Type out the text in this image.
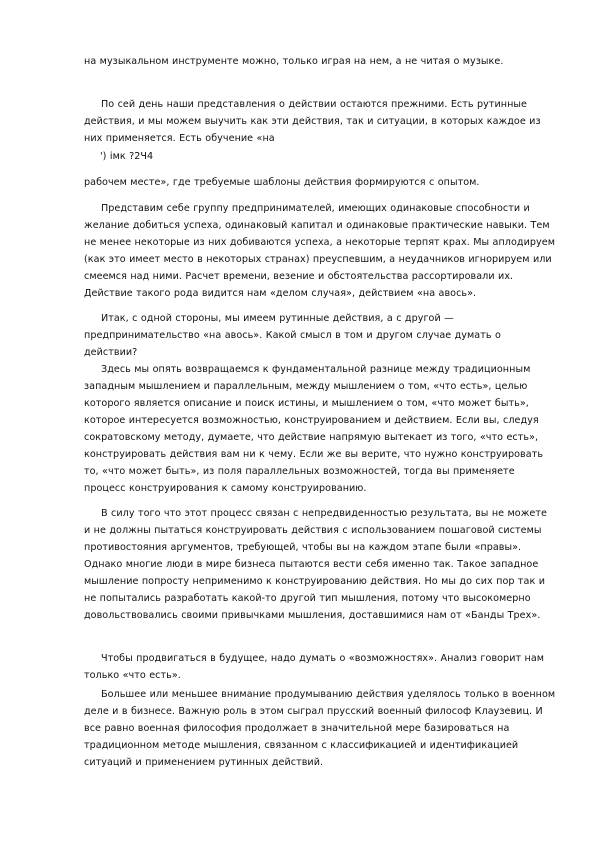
на музыкальном инструменте можно, только играя на нем, а не читая о музыке.

По сей день наши представления о действии остаются прежними. Есть рутинные действия, и мы можем выучить как эти действия, так и ситуации, в которых каждое из них применяется. Есть обучение «на

') імк ?2Ч4

рабочем месте», где требуемые шаблоны действия формируются с опытом.

Представим себе группу предпринимателей, имеющих одинаковые способности и желание добиться успеха, одинаковый капитал и одинаковые практические навыки. Тем не менее некоторые из них добиваются успеха, а некоторые терпят крах. Мы аплодируем (как это имеет место в некоторых странах) преуспевшим, а неудачников игнорируем или смеемся над ними. Расчет времени, везение и обстоятельства рассортировали их. Действие такого рода видится нам «делом случая», действием «на авось».

Итак, с одной стороны, мы имеем рутинные действия, а с другой — предпринимательство «на авось». Какой смысл в том и другом случае думать о действии?

Здесь мы опять возвращаемся к фундаментальной разнице между традиционным западным мышлением и параллельным, между мышлением о том, «что есть», целью которого является описание и поиск истины, и мышлением о том, «что может быть», которое интересуется возможностью, конструированием и действием. Если вы, следуя сократовскому методу, думаете, что действие напрямую вытекает из того, «что есть», конструировать действия вам ни к чему. Если же вы верите, что нужно конструировать то, «что может быть», из поля параллельных возможностей, тогда вы применяете процесс конструирования к самому конструированию.

В силу того что этот процесс связан с непредвиденностью результата, вы не можете и не должны пытаться конструировать действия с использованием пошаговой системы противостояния аргументов, требующей, чтобы вы на каждом этапе были «правы». Однако многие люди в мире бизнеса пытаются вести себя именно так. Такое западное мышление попросту неприменимо к конструированию действия. Но мы до сих пор так и не попытались разработать какой-то другой тип мышления, потому что высокомерно довольствовались своими привычками мышления, доставшимися нам от «Банды Трех».

Чтобы продвигаться в будущее, надо думать о «возможностях». Анализ говорит нам только «что есть».

Большее или меньшее внимание продумыванию действия уделялось только в военном деле и в бизнесе. Важную роль в этом сыграл прусский военный философ Клаузевиц. И все равно военная философия продолжает в значительной мере базироваться на традиционном методе мышления, связанном с классификацией и идентификацией ситуаций и применением рутинных действий.
